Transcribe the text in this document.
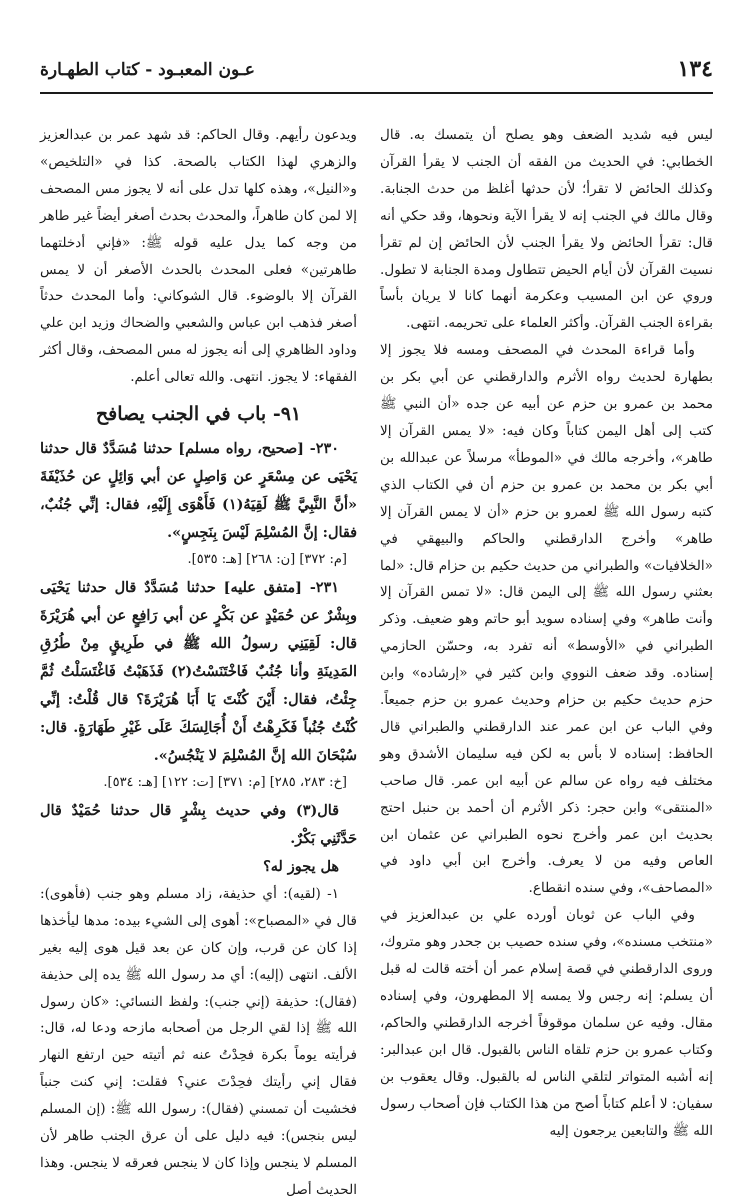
١٣٤
عـون المعبـود - كتاب الطهـارة

ليس فيه شديد الضعف وهو يصلح أن يتمسك به. قال الخطابي: في الحديث من الفقه أن الجنب لا يقرأ القرآن وكذلك الحائض لا تقرأ؛ لأن حدثها أغلظ من حدث الجنابة. وقال مالك في الجنب إنه لا يقرأ الآية ونحوها، وقد حكي أنه قال: تقرأ الحائض ولا يقرأ الجنب لأن الحائض إن لم تقرأ نسيت القرآن لأن أيام الحيض تتطاول ومدة الجنابة لا تطول. وروي عن ابن المسيب وعكرمة أنهما كانا لا يريان بأساً بقراءة الجنب القرآن. وأكثر العلماء على تحريمه. انتهى.

وأما قراءة المحدث في المصحف ومسه فلا يجوز إلا بطهارة لحديث رواه الأثرم والدارقطني عن أبي بكر بن محمد بن عمرو بن حزم عن أبيه عن جده «أن النبي ﷺ كتب إلى أهل اليمن كتاباً وكان فيه: «لا يمس القرآن إلا طاهر»، وأخرجه مالك في «الموطأ» مرسلاً عن عبدالله بن أبي بكر بن محمد بن عمرو بن حزم أن في الكتاب الذي كتبه رسول الله ﷺ لعمرو بن حزم «أن لا يمس القرآن إلا طاهر» وأخرج الدارقطني والحاكم والبيهقي في «الخلافيات» والطبراني من حديث حكيم بن حزام قال: «لما بعثني رسول الله ﷺ إلى اليمن قال: «لا تمس القرآن إلا وأنت طاهر» وفي إسناده سويد أبو حاتم وهو ضعيف. وذكر الطبراني في «الأوسط» أنه تفرد به، وحسّن الحازمي إسناده. وقد ضعف النووي وابن كثير في «إرشاده» وابن حزم حديث حكيم بن حزام وحديث عمرو بن حزم جميعاً. وفي الباب عن ابن عمر عند الدارقطني والطبراني قال الحافظ: إسناده لا بأس به لكن فيه سليمان الأشدق وهو مختلف فيه رواه عن سالم عن أبيه ابن عمر. قال صاحب «المنتقى» وابن حجر: ذكر الأثرم أن أحمد بن حنبل احتج بحديث ابن عمر وأخرج نحوه الطبراني عن عثمان ابن العاص وفيه من لا يعرف. وأخرج ابن أبي داود في «المصاحف»، وفي سنده انقطاع.

وفي الباب عن ثوبان أورده علي بن عبدالعزيز في «منتخب مسنده»، وفي سنده حصيب بن جحدر وهو متروك، وروى الدارقطني في قصة إسلام عمر أن أخته قالت له قبل أن يسلم: إنه رجس ولا يمسه إلا المطهرون، وفي إسناده مقال. وفيه عن سلمان موقوفاً أخرجه الدارقطني والحاكم، وكتاب عمرو بن حزم تلقاه الناس بالقبول. قال ابن عبدالبر: إنه أشبه المتواتر لتلقي الناس له بالقبول. وقال يعقوب بن سفيان: لا أعلم كتاباً أصح من هذا الكتاب فإن أصحاب رسول الله ﷺ والتابعين يرجعون إليه

ويدعون رأيهم. وقال الحاكم: قد شهد عمر بن عبدالعزيز والزهري لهذا الكتاب بالصحة. كذا في «التلخيص» و«النيل»، وهذه كلها تدل على أنه لا يجوز مس المصحف إلا لمن كان طاهراً، والمحدث بحدث أصغر أيضاً غير طاهر من وجه كما يدل عليه قوله ﷺ: «فإني أدخلتهما طاهرتين» فعلى المحدث بالحدث الأصغر أن لا يمس القرآن إلا بالوضوء. قال الشوكاني: وأما المحدث حدثاً أصغر فذهب ابن عباس والشعبي والضحاك وزيد ابن علي وداود الظاهري إلى أنه يجوز له مس المصحف، وقال أكثر الفقهاء: لا يجوز. انتهى. والله تعالى أعلم.

٩١- باب في الجنب يصافح

٢٣٠- [صحيح، رواه مسلم] حدثنا مُسَدَّدٌ قال حدثنا يَحْيَى عن مِسْعَرٍ عن وَاصِلٍ عن أبي وَائِلٍ عن حُذَيْفَةَ «أنَّ النَّبِيَّ ﷺ لَقِيَهُ(١) فَأَهْوَى إِلَيْهِ، فقال: إنِّي جُنُبٌ، فقال: إنَّ المُسْلِمَ لَيْسَ بِنَجِسٍ».

[م: ٣٧٢] [ن: ٢٦٨] [هـ: ٥٣٥].

٢٣١- [متفق عليه] حدثنا مُسَدَّدٌ قال حدثنا يَحْيَى وبِشْرٌ عن حُمَيْدٍ عن بَكْرٍ عن أبي رَافِعٍ عن أبي هُرَيْرَةَ قال: لَقِيَنِي رسولُ الله ﷺ في طَرِيقٍ مِنْ طُرُقِ المَدِينَةِ وأنا جُنُبٌ فَاخْتَنَسْتُ(٢) فَذَهَبْتُ فَاغْتَسَلْتُ ثُمَّ جِئْتُ، فقال: أَيْنَ كُنْتَ يَا أَبَا هُرَيْرَةَ؟ قال قُلْتُ: إنِّي كُنْتُ جُنُباً فَكَرِهْتُ أَنْ أُجَالِسَكَ عَلَى غَيْرِ طَهَارَةٍ. قال: سُبْحَانَ الله إنَّ المُسْلِمَ لا يَنْجُسُ».

[خ: ٢٨٣، ٢٨٥] [م: ٣٧١] [ت: ١٢٢] [هـ: ٥٣٤].

قال(٣) وفي حديث بِشْرٍ قال حدثنا حُمَيْدٌ قال حَدَّثَنِي بَكْرٌ.

هل يجوز له؟

١- (لقيه): أي حذيفة، زاد مسلم وهو جنب (فأهوى): قال في «المصباح»: أهوى إلى الشيء بيده: مدها ليأخذها إذا كان عن قرب، وإن كان عن بعد قيل هوى إليه بغير الألف. انتهى (إليه): أي مد رسول الله ﷺ يده إلى حذيفة (فقال): حذيفة (إني جنب): ولفظ النسائي: «كان رسول الله ﷺ إذا لقي الرجل من أصحابه مازحه ودعا له، قال: فرأيته يوماً بكرة فحِدْتُ عنه ثم أتيته حين ارتفع النهار فقال إني رأيتك فحِدْتَ عني؟ فقلت: إني كنت جنباً فخشيت أن تمسني (فقال): رسول الله ﷺ: (إن المسلم ليس بنجس): فيه دليل على أن عرق الجنب طاهر لأن المسلم لا ينجس وإذا كان لا ينجس فعرقه لا ينجس. وهذا الحديث أصل
